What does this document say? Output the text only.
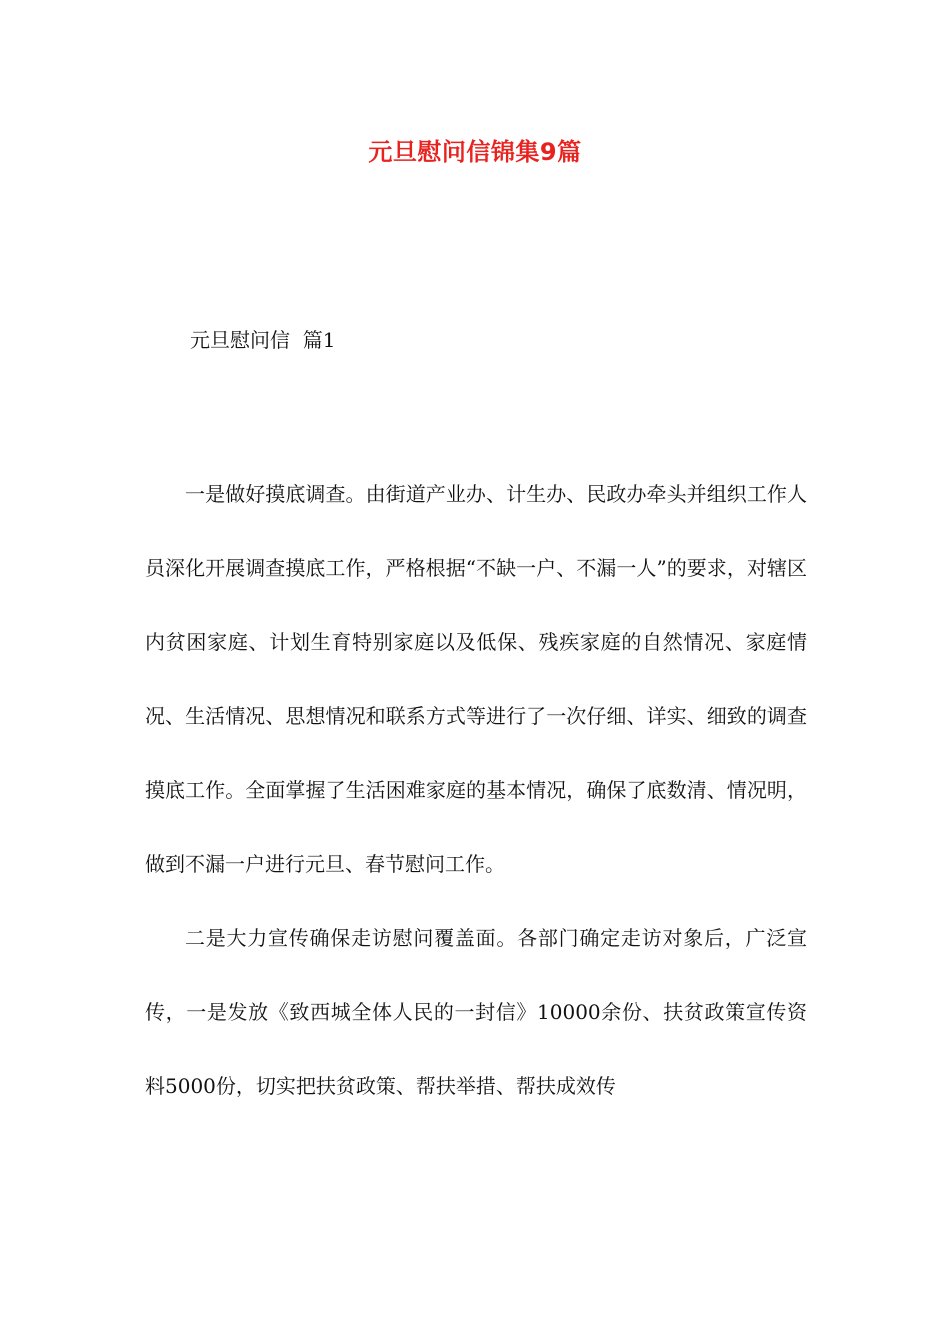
元旦慰问信锦集9篇
元旦慰问信  篇1

一是做好摸底调查。由街道产业办、计生办、民政办牵头并组织工作人员深化开展调查摸底工作，严格根据“不缺一户、不漏一人”的要求，对辖区内贫困家庭、计划生育特别家庭以及低保、残疾家庭的自然情况、家庭情况、生活情况、思想情况和联系方式等进行了一次仔细、详实、细致的调查摸底工作。全面掌握了生活困难家庭的基本情况，确保了底数清、情况明，做到不漏一户进行元旦、春节慰问工作。

二是大力宣传确保走访慰问覆盖面。各部门确定走访对象后，广泛宣传，一是发放《致西城全体人民的一封信》10000余份、扶贫政策宣传资料5000份，切实把扶贫政策、帮扶举措、帮扶成效传
